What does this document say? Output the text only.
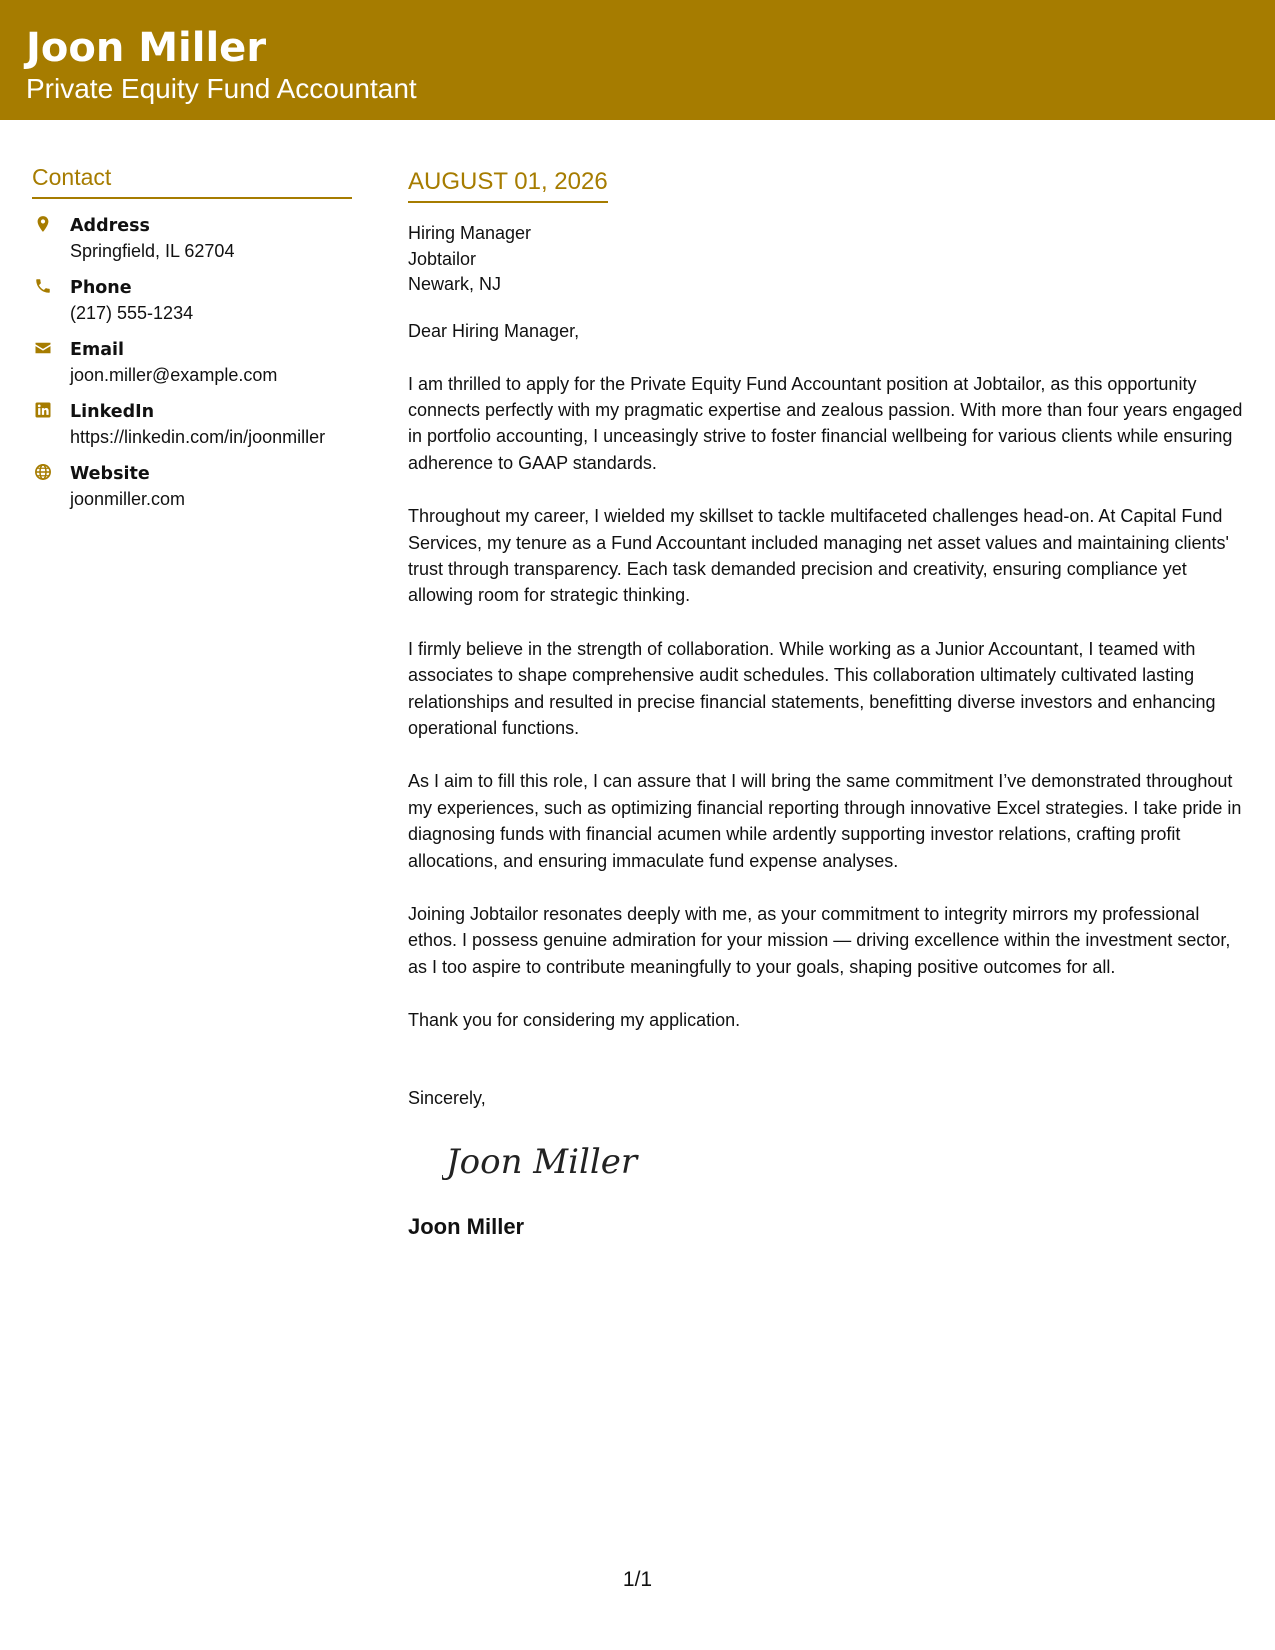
Joon Miller
Private Equity Fund Accountant
Contact
Address
Springfield, IL 62704
Phone
(217) 555-1234
Email
joon.miller@example.com
LinkedIn
https://linkedin.com/in/joonmiller
Website
joonmiller.com
AUGUST 01, 2026
Hiring Manager
Jobtailor
Newark, NJ
Dear Hiring Manager,
I am thrilled to apply for the Private Equity Fund Accountant position at Jobtailor, as this opportunity connects perfectly with my pragmatic expertise and zealous passion. With more than four years engaged in portfolio accounting, I unceasingly strive to foster financial wellbeing for various clients while ensuring adherence to GAAP standards.
Throughout my career, I wielded my skillset to tackle multifaceted challenges head-on. At Capital Fund Services, my tenure as a Fund Accountant included managing net asset values and maintaining clients' trust through transparency. Each task demanded precision and creativity, ensuring compliance yet allowing room for strategic thinking.
I firmly believe in the strength of collaboration. While working as a Junior Accountant, I teamed with associates to shape comprehensive audit schedules. This collaboration ultimately cultivated lasting relationships and resulted in precise financial statements, benefitting diverse investors and enhancing operational functions.
As I aim to fill this role, I can assure that I will bring the same commitment I’ve demonstrated throughout my experiences, such as optimizing financial reporting through innovative Excel strategies. I take pride in diagnosing funds with financial acumen while ardently supporting investor relations, crafting profit allocations, and ensuring immaculate fund expense analyses.
Joining Jobtailor resonates deeply with me, as your commitment to integrity mirrors my professional ethos. I possess genuine admiration for your mission — driving excellence within the investment sector, as I too aspire to contribute meaningfully to your goals, shaping positive outcomes for all.
Thank you for considering my application.
Sincerely,
Joon Miller
Joon Miller
1/1
